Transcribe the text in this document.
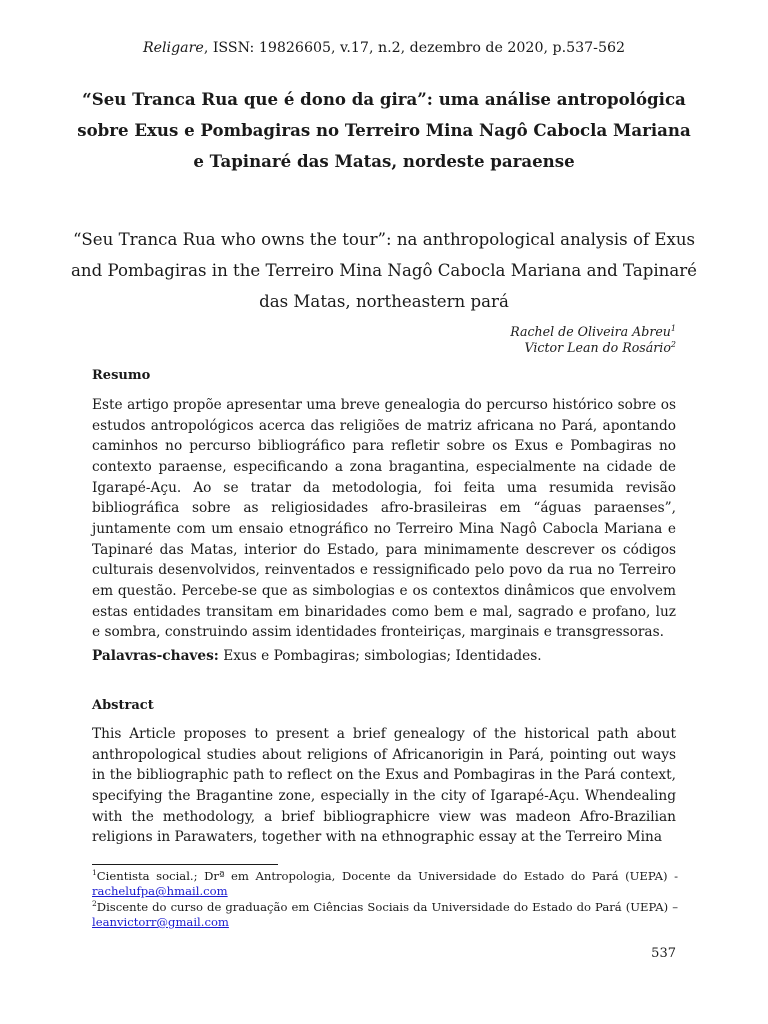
Religare, ISSN: 19826605, v.17, n.2, dezembro de 2020, p.537-562
“Seu Tranca Rua que é dono da gira”: uma análise antropológica sobre Exus e Pombagiras no Terreiro Mina Nagô Cabocla Mariana e Tapinaré das Matas, nordeste paraense
“Seu Tranca Rua who owns the tour”: na anthropological analysis of Exus and Pombagiras in the Terreiro Mina Nagô Cabocla Mariana and Tapinaré das Matas, northeastern pará
Rachel de Oliveira Abreu$^1$
Victor Lean do Rosário$^2$
Resumo
Este artigo propõe apresentar uma breve genealogia do percurso histórico sobre os estudos antropológicos acerca das religiões de matriz africana no Pará, apontando caminhos no percurso bibliográfico para refletir sobre os Exus e Pombagiras no contexto paraense, especificando a zona bragantina, especialmente na cidade de Igarapé-Açu. Ao se tratar da metodologia, foi feita uma resumida revisão bibliográfica sobre as religiosidades afro-brasileiras em “águas paraenses”, juntamente com um ensaio etnográfico no Terreiro Mina Nagô Cabocla Mariana e Tapinaré das Matas, interior do Estado, para minimamente descrever os códigos culturais desenvolvidos, reinventados e ressignificado pelo povo da rua no Terreiro em questão. Percebe-se que as simbologias e os contextos dinâmicos que envolvem estas entidades transitam em binaridades como bem e mal, sagrado e profano, luz e sombra, construindo assim identidades fronteiriças, marginais e transgressoras.
Palavras-chaves: Exus e Pombagiras; simbologias; Identidades.
Abstract
This Article proposes to present a brief genealogy of the historical path about anthropological studies about religions of Africanorigin in Pará, pointing out ways in the bibliographic path to reflect on the Exus and Pombagiras in the Pará context, specifying the Bragantine zone, especially in the city of Igarapé-Açu. Whendealing with the methodology, a brief bibliographicre view was madeon Afro-Brazilian religions in Parawaters, together with na ethnographic essay at the Terreiro Mina
$^1$Cientista social.; Drª em Antropologia, Docente da Universidade do Estado do Pará (UEPA) - rachelufpa@hmail.com
$^2$Discente do curso de graduação em Ciências Sociais da Universidade do Estado do Pará (UEPA) – leanvictorr@gmail.com
537
